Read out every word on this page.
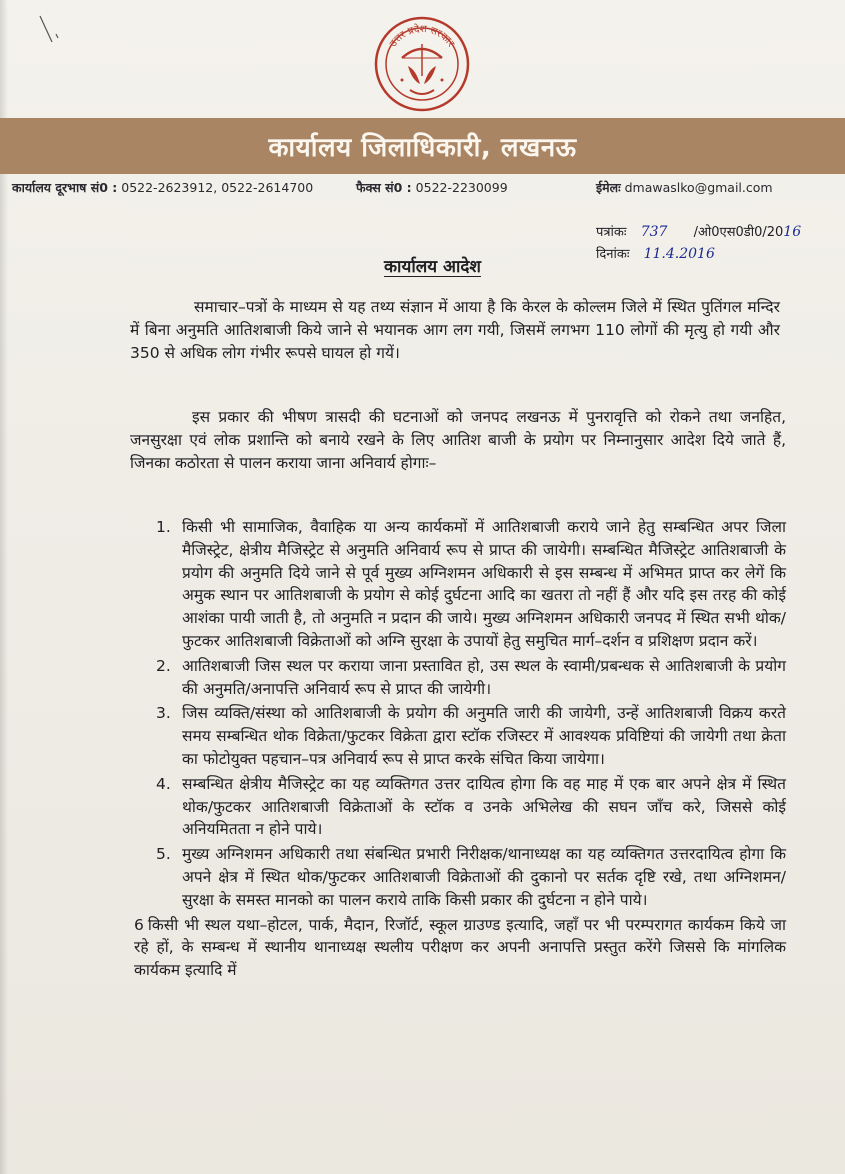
उत्तर प्रदेश सरकार
कार्यालय जिलाधिकारी, लखनऊ
कार्यालय दूरभाष सं0 : 0522-2623912, 0522-2614700	फैक्स सं0 : 0522-2230099	ईमेलः dmawaslko@gmail.com
पत्रांकः 737 /ओ0एस0डी0/2016
दिनांकः 11.4.2016
कार्यालय आदेश
समाचार–पत्रों के माध्यम से यह तथ्य संज्ञान में आया है कि केरल के कोल्लम जिले में स्थित पुतिंगल मन्दिर में बिना अनुमति आतिशबाजी किये जाने से भयानक आग लग गयी, जिसमें लगभग 110 लोगों की मृत्यु हो गयी और 350 से अधिक लोग गंभीर रूपसे घायल हो गयें।
इस प्रकार की भीषण त्रासदी की घटनाओं को जनपद लखनऊ में पुनरावृत्ति को रोकने तथा जनहित, जनसुरक्षा एवं लोक प्रशान्ति को बनाये रखने के लिए आतिश बाजी के प्रयोग पर निम्नानुसार आदेश दिये जाते हैं, जिनका कठोरता से पालन कराया जाना अनिवार्य होगाः–
1. किसी भी सामाजिक, वैवाहिक या अन्य कार्यकमों में आतिशबाजी कराये जाने हेतु सम्बन्धित अपर जिला मैजिस्ट्रेट, क्षेत्रीय मैजिस्ट्रेट से अनुमति अनिवार्य रूप से प्राप्त की जायेगी। सम्बन्धित मैजिस्ट्रेट आतिशबाजी के प्रयोग की अनुमति दिये जाने से पूर्व मुख्य अग्निशमन अधिकारी से इस सम्बन्ध में अभिमत प्राप्त कर लेगें कि अमुक स्थान पर आतिशबाजी के प्रयोग से कोई दुर्घटना आदि का खतरा तो नहीं हैं और यदि इस तरह की कोई आशंका पायी जाती है, तो अनुमति न प्रदान की जाये। मुख्य अग्निशमन अधिकारी जनपद में स्थित सभी थोक/फुटकर आतिशबाजी विक्रेताओं को अग्नि सुरक्षा के उपायों हेतु समुचित मार्ग–दर्शन व प्रशिक्षण प्रदान करें।
2. आतिशबाजी जिस स्थल पर कराया जाना प्रस्तावित हो, उस स्थल के स्वामी/प्रबन्धक से आतिशबाजी के प्रयोग की अनुमति/अनापत्ति अनिवार्य रूप से प्राप्त की जायेगी।
3. जिस व्यक्ति/संस्था को आतिशबाजी के प्रयोग की अनुमति जारी की जायेगी, उन्हें आतिशबाजी विक्रय करते समय सम्बन्धित थोक विक्रेता/फुटकर विक्रेता द्वारा स्टॉक रजिस्टर में आवश्यक प्रविष्टियां की जायेगी तथा क्रेता का फोटोयुक्त पहचान–पत्र अनिवार्य रूप से प्राप्त करके संचित किया जायेगा।
4. सम्बन्धित क्षेत्रीय मैजिस्ट्रेट का यह व्यक्तिगत उत्तर दायित्व होगा कि वह माह में एक बार अपने क्षेत्र में स्थित थोक/फुटकर आतिशबाजी विक्रेताओं के स्टॉक व उनके अभिलेख की सघन जाँच करे, जिससे कोई अनियमितता न होने पाये।
5. मुख्य अग्निशमन अधिकारी तथा संबन्धित प्रभारी निरीक्षक/थानाध्यक्ष का यह व्यक्तिगत उत्तरदायित्व होगा कि अपने क्षेत्र में स्थित थोक/फुटकर आतिशबाजी विक्रेताओं की दुकानो पर सर्तक दृष्टि रखे, तथा अग्निशमन/सुरक्षा के समस्त मानको का पालन कराये ताकि किसी प्रकार की दुर्घटना न होने पाये।
6 किसी भी स्थल यथा–होटल, पार्क, मैदान, रिजॉर्ट, स्कूल ग्राउण्ड इत्यादि, जहाँ पर भी परम्परागत कार्यकम किये जा रहे हों, के सम्बन्ध में स्थानीय थानाध्यक्ष स्थलीय परीक्षण कर अपनी अनापत्ति प्रस्तुत करेंगे जिससे कि मांगलिक कार्यकम इत्यादि में
